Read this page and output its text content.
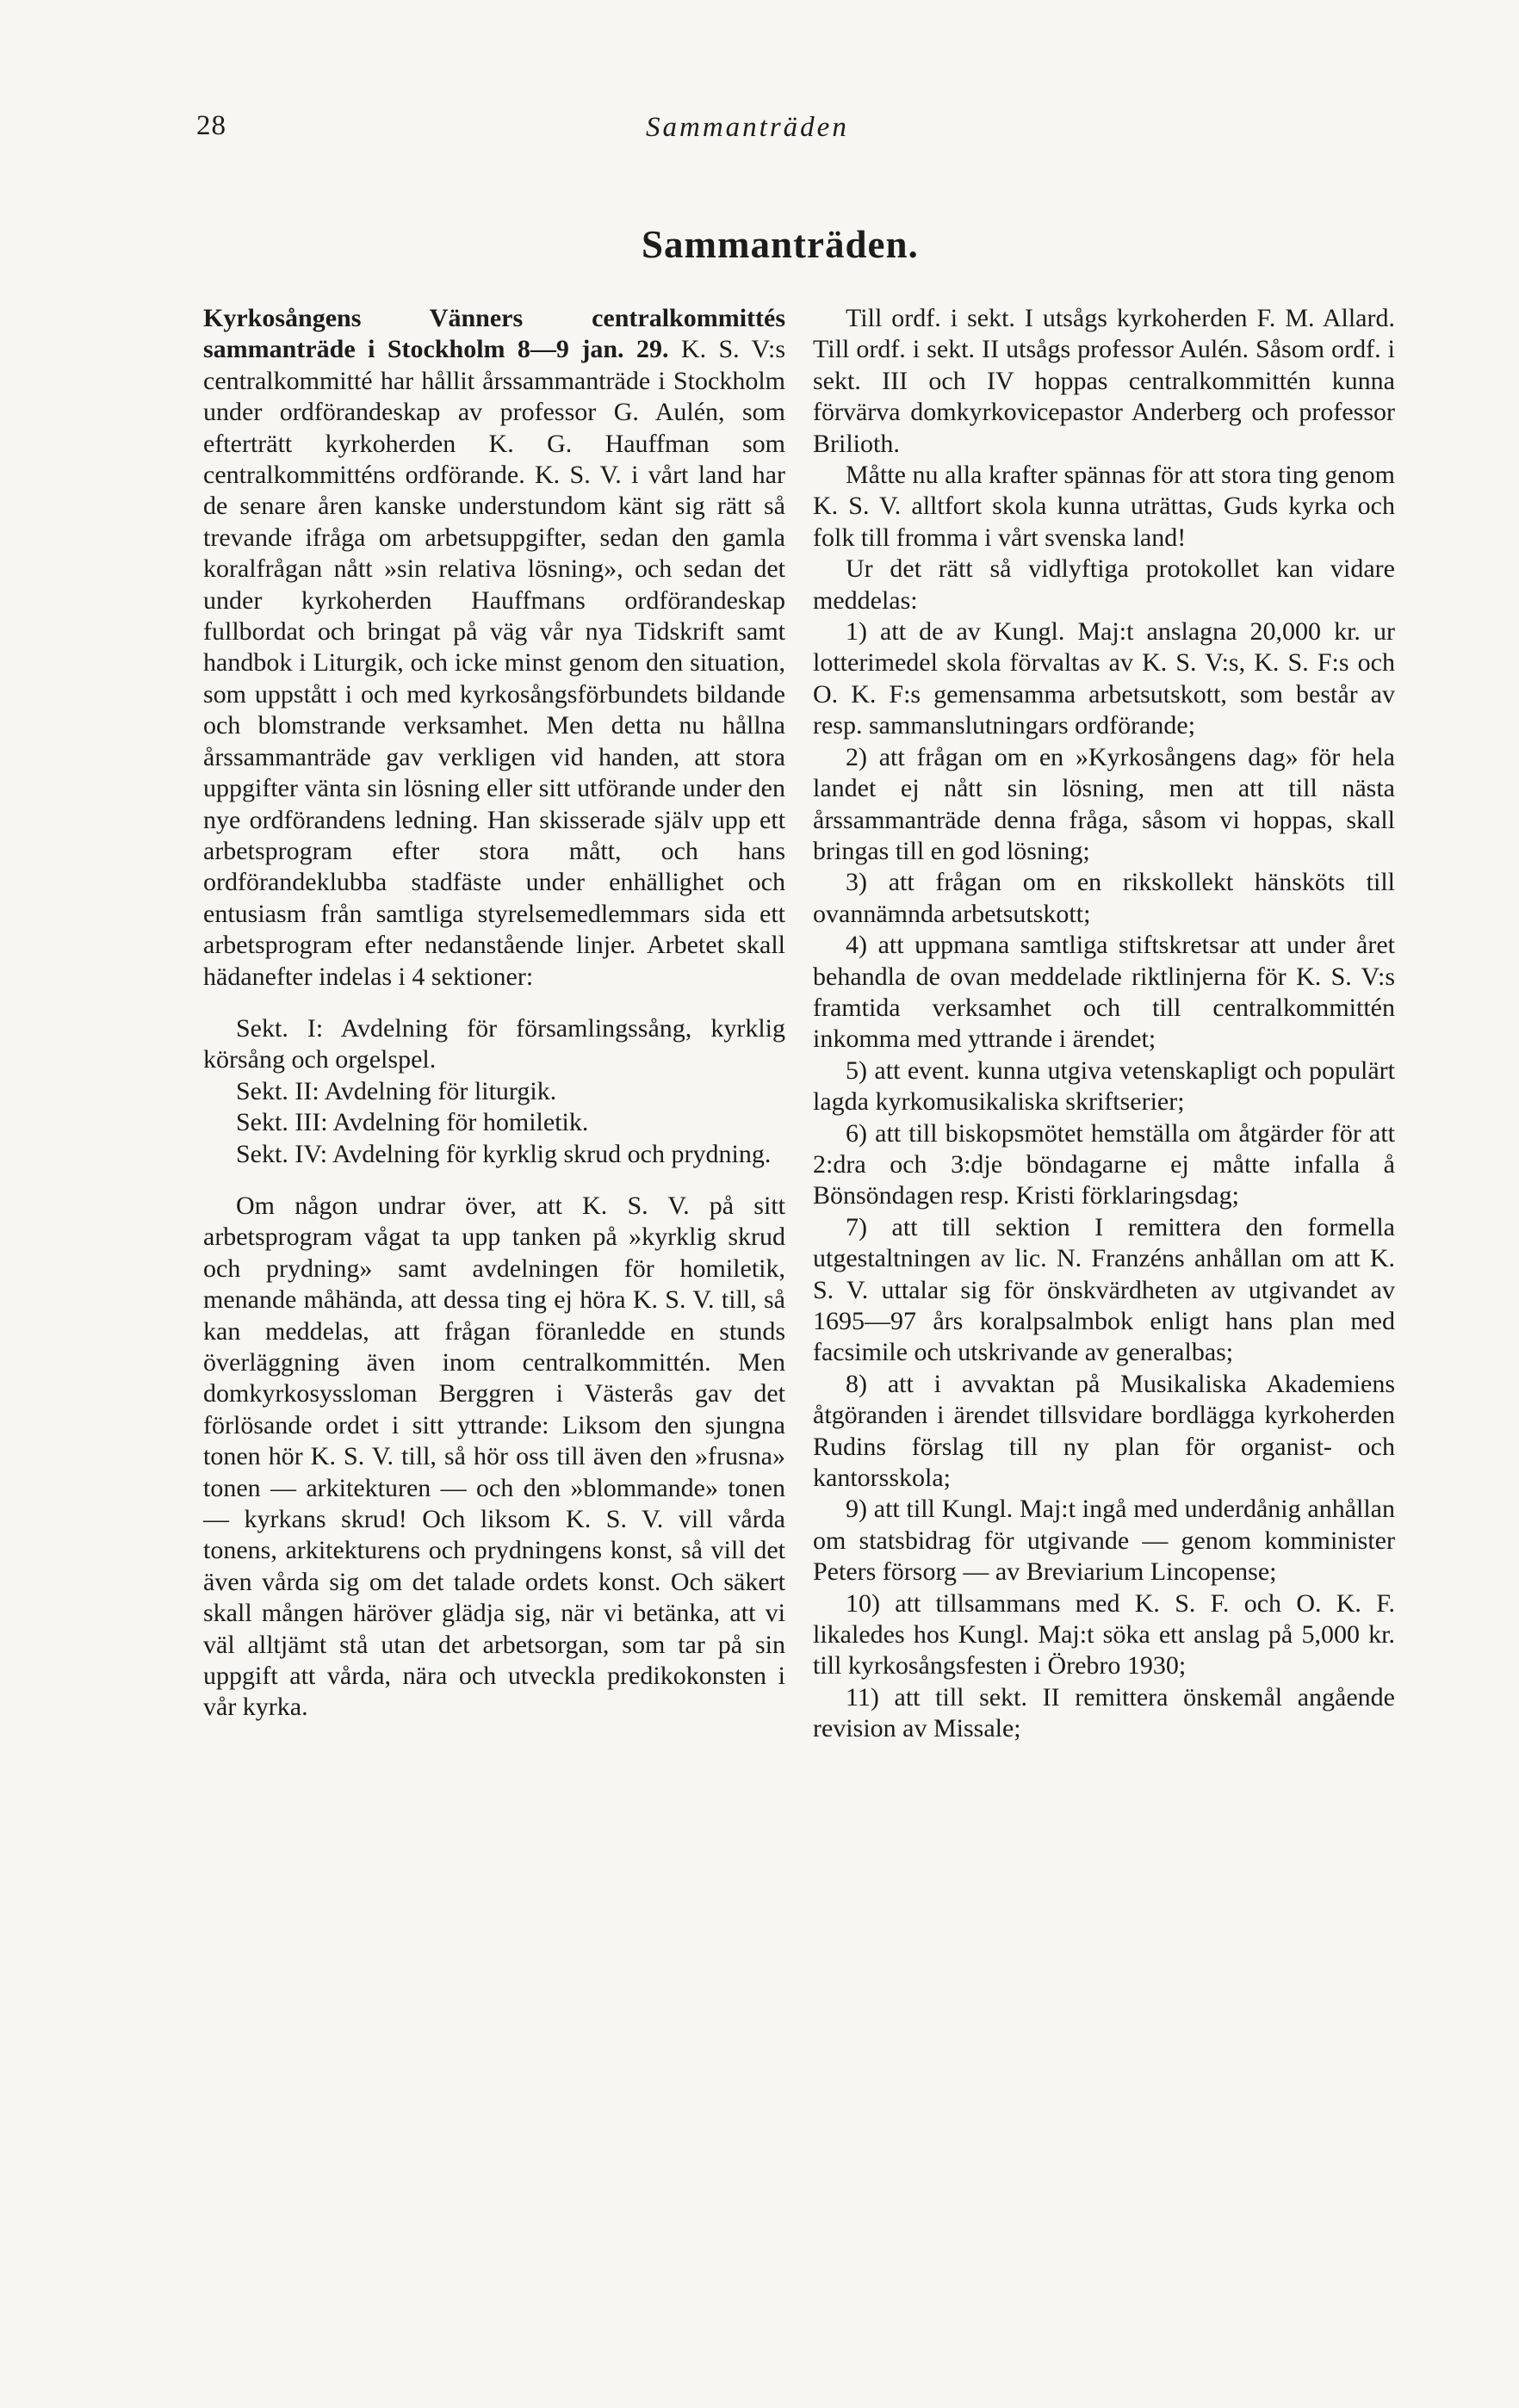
28	Sammanträden
Sammanträden.

Kyrkosångens Vänners centralkommittés sammanträde i Stockholm 8—9 jan. 29. K. S. V:s centralkommitté har hållit årssammanträde i Stockholm under ordförandeskap av professor G. Aulén, som efterträtt kyrkoherden K. G. Hauffman som centralkommitténs ordförande. K. S. V. i vårt land har de senare åren kanske understundom känt sig rätt så trevande ifråga om arbetsuppgifter, sedan den gamla koralfrågan nått »sin relativa lösning», och sedan det under kyrkoherden Hauffmans ordförandeskap fullbordat och bringat på väg vår nya Tidskrift samt handbok i Liturgik, och icke minst genom den situation, som uppstått i och med kyrkosångsförbundets bildande och blomstrande verksamhet. Men detta nu hållna årssammanträde gav verkligen vid handen, att stora uppgifter vänta sin lösning eller sitt utförande under den nye ordförandens ledning. Han skisserade själv upp ett arbetsprogram efter stora mått, och hans ordförandeklubba stadfäste under enhällighet och entusiasm från samtliga styrelsemedlemmars sida ett arbetsprogram efter nedanstående linjer. Arbetet skall hädanefter indelas i 4 sektioner:

Sekt. I: Avdelning för församlingssång, kyrklig körsång och orgelspel.

Sekt. II: Avdelning för liturgik.

Sekt. III: Avdelning för homiletik.

Sekt. IV: Avdelning för kyrklig skrud och prydning.

Om någon undrar över, att K. S. V. på sitt arbetsprogram vågat ta upp tanken på »kyrklig skrud och prydning» samt avdelningen för homiletik, menande måhända, att dessa ting ej höra K. S. V. till, så kan meddelas, att frågan föranledde en stunds överläggning även inom centralkommittén. Men domkyrkosyssloman Berggren i Västerås gav det förlösande ordet i sitt yttrande: Liksom den sjungna tonen hör K. S. V. till, så hör oss till även den »frusna» tonen — arkitekturen — och den »blommande» tonen — kyrkans skrud! Och liksom K. S. V. vill vårda tonens, arkitekturens och prydningens konst, så vill det även vårda sig om det talade ordets konst. Och säkert skall mången häröver glädja sig, när vi betänka, att vi väl alltjämt stå utan det arbetsorgan, som tar på sin uppgift att vårda, nära och utveckla predikokonsten i vår kyrka.

Till ordf. i sekt. I utsågs kyrkoherden F. M. Allard. Till ordf. i sekt. II utsågs professor Aulén. Såsom ordf. i sekt. III och IV hoppas centralkommittén kunna förvärva domkyrkovicepastor Anderberg och professor Brilioth.

Måtte nu alla krafter spännas för att stora ting genom K. S. V. alltfort skola kunna uträttas, Guds kyrka och folk till fromma i vårt svenska land!

Ur det rätt så vidlyftiga protokollet kan vidare meddelas:

1) att de av Kungl. Maj:t anslagna 20,000 kr. ur lotterimedel skola förvaltas av K. S. V:s, K. S. F:s och O. K. F:s gemensamma arbetsutskott, som består av resp. sammanslutningars ordförande;

2) att frågan om en »Kyrkosångens dag» för hela landet ej nått sin lösning, men att till nästa årssammanträde denna fråga, såsom vi hoppas, skall bringas till en god lösning;

3) att frågan om en rikskollekt hänsköts till ovannämnda arbetsutskott;

4) att uppmana samtliga stiftskretsar att under året behandla de ovan meddelade riktlinjerna för K. S. V:s framtida verksamhet och till centralkommittén inkomma med yttrande i ärendet;

5) att event. kunna utgiva vetenskapligt och populärt lagda kyrkomusikaliska skriftserier;

6) att till biskopsmötet hemställa om åtgärder för att 2:dra och 3:dje böndagarne ej måtte infalla å Bönsöndagen resp. Kristi förklaringsdag;

7) att till sektion I remittera den formella utgestaltningen av lic. N. Franzéns anhållan om att K. S. V. uttalar sig för önskvärdheten av utgivandet av 1695—97 års koralpsalmbok enligt hans plan med facsimile och utskrivande av generalbas;

8) att i avvaktan på Musikaliska Akademiens åtgöranden i ärendet tillsvidare bordlägga kyrkoherden Rudins förslag till ny plan för organist- och kantorsskola;

9) att till Kungl. Maj:t ingå med underdånig anhållan om statsbidrag för utgivande — genom komminister Peters försorg — av Breviarium Lincopense;

10) att tillsammans med K. S. F. och O. K. F. likaledes hos Kungl. Maj:t söka ett anslag på 5,000 kr. till kyrkosångsfesten i Örebro 1930;

11) att till sekt. II remittera önskemål angående revision av Missale;
